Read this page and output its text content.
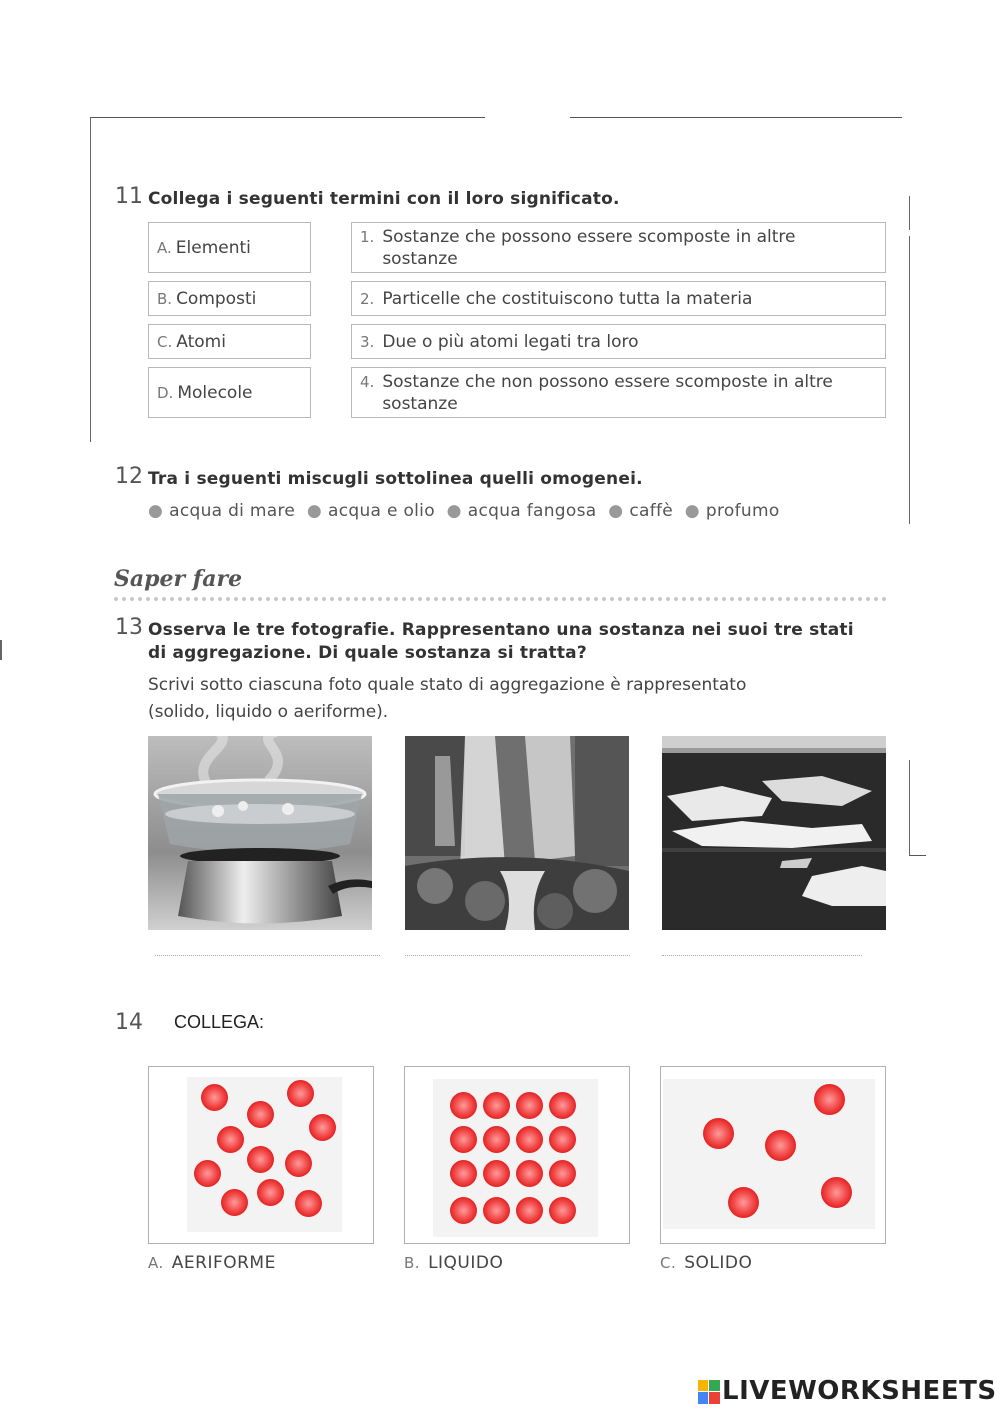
11 Collega i seguenti termini con il loro significato.
A. Elementi
B. Composti
C. Atomi
D. Molecole
1. Sostanze che possono essere scomposte in altre sostanze
2. Particelle che costituiscono tutta la materia
3. Due o più atomi legati tra loro
4. Sostanze che non possono essere scomposte in altre sostanze
12 Tra i seguenti miscugli sottolinea quelli omogenei.
● acqua di mare ● acqua e olio ● acqua fangosa ● caffè ● profumo
Saper fare
13 Osserva le tre fotografie. Rappresentano una sostanza nei suoi tre stati
di aggregazione. Di quale sostanza si tratta?
Scrivi sotto ciascuna foto quale stato di aggregazione è rappresentato
(solido, liquido o aeriforme).
14 COLLEGA:
A. AERIFORME	B. LIQUIDO	C. SOLIDO
LIVEWORKSHEETS
